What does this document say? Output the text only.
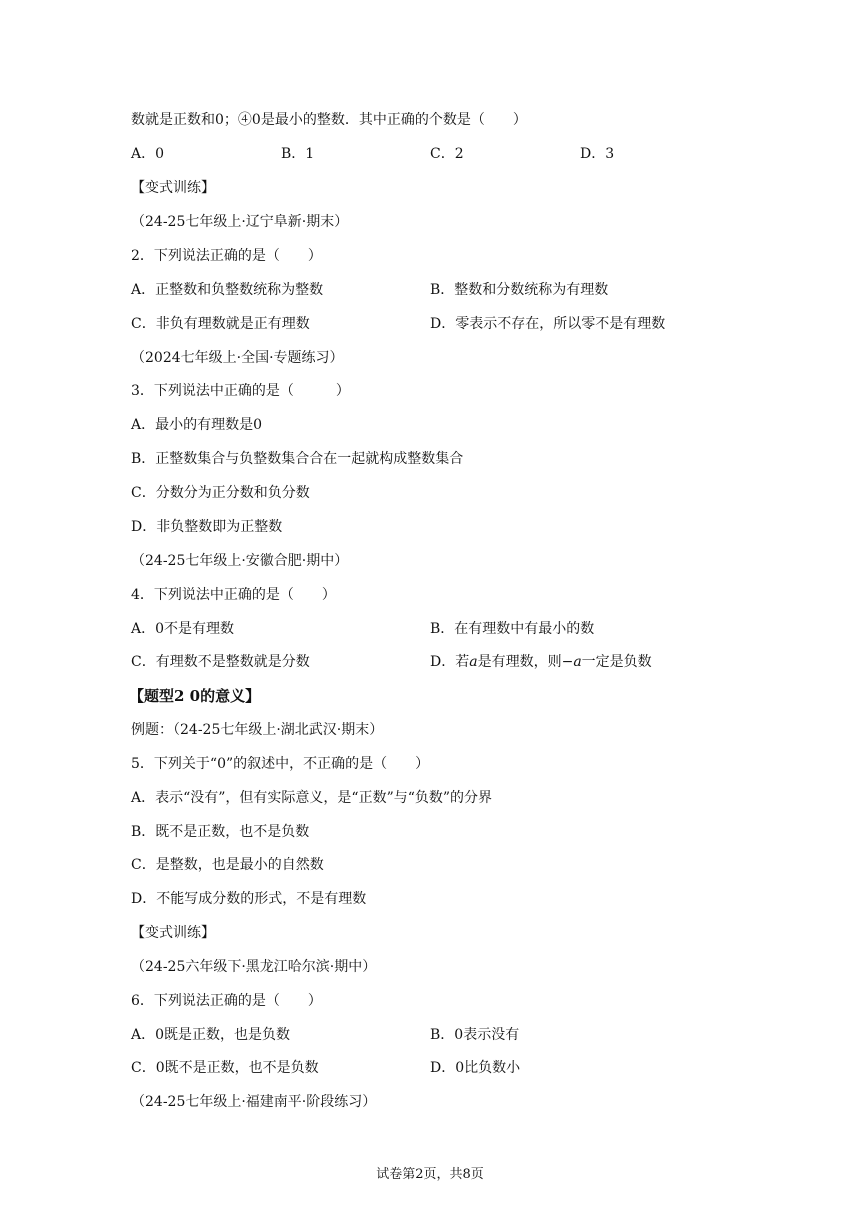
数就是正数和0；④0是最小的整数．其中正确的个数是（　　）
A．0	B．1	C．2	D．3
【变式训练】
（24-25七年级上·辽宁阜新·期末）
2．下列说法正确的是（　　）
A．正整数和负整数统称为整数	B．整数和分数统称为有理数
C．非负有理数就是正有理数	D．零表示不存在，所以零不是有理数
（2024七年级上·全国·专题练习）
3．下列说法中正确的是（　　　）
A．最小的有理数是0
B．正整数集合与负整数集合合在一起就构成整数集合
C．分数分为正分数和负分数
D．非负整数即为正整数
（24-25七年级上·安徽合肥·期中）
4．下列说法中正确的是（　　）
A．0不是有理数	B．在有理数中有最小的数
C．有理数不是整数就是分数	D．若a是有理数，则−a一定是负数
【题型2 0的意义】
例题：（24-25七年级上·湖北武汉·期末）
5．下列关于“0”的叙述中，不正确的是（　　）
A．表示“没有”，但有实际意义，是“正数”与“负数”的分界
B．既不是正数，也不是负数
C．是整数，也是最小的自然数
D．不能写成分数的形式，不是有理数
【变式训练】
（24-25六年级下·黑龙江哈尔滨·期中）
6．下列说法正确的是（　　）
A．0既是正数，也是负数	B．0表示没有
C．0既不是正数，也不是负数	D．0比负数小
（24-25七年级上·福建南平·阶段练习）
试卷第2页，共8页
